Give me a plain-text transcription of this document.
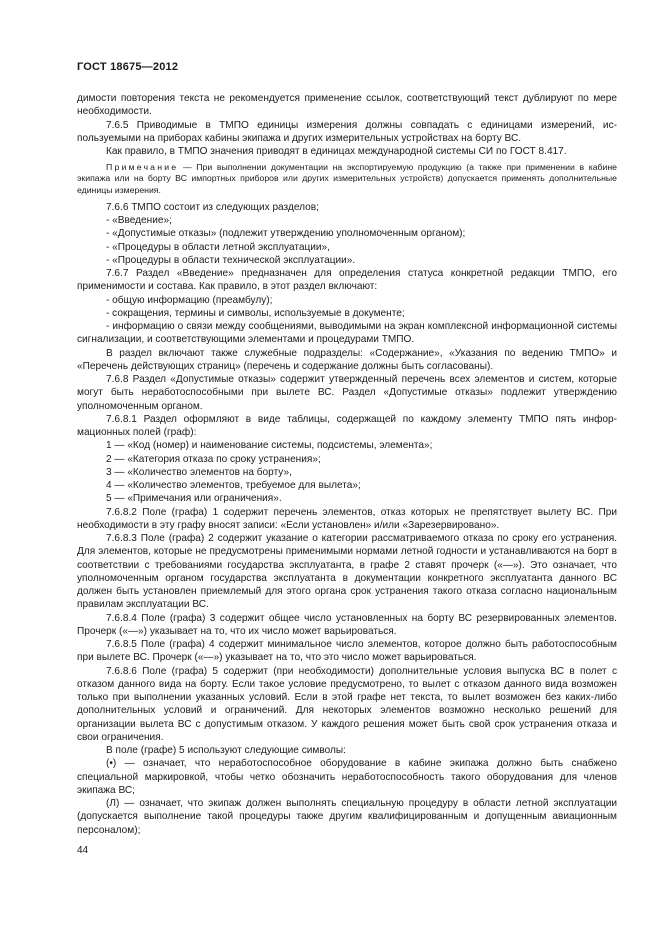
ГОСТ 18675—2012

димости повторения текста не рекомендуется применение ссылок, соответствующий текст дублируют по мере необходимости.

7.6.5 Приводимые в ТМПО единицы измерения должны совпадать с единицами измерений, используемыми на приборах кабины экипажа и других измерительных устройствах на борту ВС.

Как правило, в ТМПО значения приводят в единицах международной системы СИ по ГОСТ 8.417.

Примечание — При выполнении документации на экспортируемую продукцию (а также при применении в кабине экипажа или на борту ВС импортных приборов или других измерительных устройств) допускается применять дополнительные единицы измерения.

7.6.6 ТМПО состоит из следующих разделов;

- «Введение»;

- «Допустимые отказы» (подлежит утверждению уполномоченным органом);

- «Процедуры в области летной эксплуатации»,

- «Процедуры в области технической эксплуатации».

7.6.7 Раздел «Введение» предназначен для определения статуса конкретной редакции ТМПО, его применимости и состава. Как правило, в этот раздел включают:

- общую информацию (преамбулу);

- сокращения, термины и символы, используемые в документе;

- информацию о связи между сообщениями, выводимыми на экран комплексной информационной системы сигнализации, и соответствующими элементами и процедурами ТМПО.

В раздел включают также служебные подразделы: «Содержание», «Указания по ведению ТМПО» и «Перечень действующих страниц» (перечень и содержание должны быть согласованы).

7.6.8 Раздел «Допустимые отказы» содержит утвержденный перечень всех элементов и систем, которые могут быть неработоспособными при вылете ВС. Раздел «Допустимые отказы» подлежит утверждению уполномоченным органом.

7.6.8.1 Раздел оформляют в виде таблицы, содержащей по каждому элементу ТМПО пять информационных полей (граф):

1 — «Код (номер) и наименование системы, подсистемы, элемента»;

2 — «Категория отказа по сроку устранения»;

3 — «Количество элементов на борту»,

4 — «Количество элементов, требуемое для вылета»;

5 — «Примечания или ограничения».

7.6.8.2 Поле (графа) 1 содержит перечень элементов, отказ которых не препятствует вылету ВС. При необходимости в эту графу вносят записи: «Если установлен» и/или «Зарезервировано».

7.6.8.3 Поле (графа) 2 содержит указание о категории рассматриваемого отказа по сроку его устранения. Для элементов, которые не предусмотрены применимыми нормами летной годности и устанавливаются на борт в соответствии с требованиями государства эксплуатанта, в графе 2 ставят прочерк («—»). Это означает, что уполномоченным органом государства эксплуатанта в документации конкретного эксплуатанта данного ВС должен быть установлен приемлемый для этого органа срок устранения такого отказа согласно национальным правилам эксплуатации ВС.

7.6.8.4 Поле (графа) 3 содержит общее число установленных на борту ВС резервированных элементов. Прочерк («—») указывает на то, что их число может варьироваться.

7.6.8.5 Поле (графа) 4 содержит минимальное число элементов, которое должно быть работоспособным при вылете ВС. Прочерк («—») указывает на то, что это число может варьироваться.

7.6.8.6 Поле (графа) 5 содержит (при необходимости) дополнительные условия выпуска ВС в полет с отказом данного вида на борту. Если такое условие предусмотрено, то вылет с отказом данного вида возможен только при выполнении указанных условий. Если в этой графе нет текста, то вылет возможен без каких-либо дополнительных условий и ограничений. Для некоторых элементов возможно несколько решений для организации вылета ВС с допустимым отказом. У каждого решения может быть свой срок устранения отказа и свои ограничения.

В поле (графе) 5 используют следующие символы:

(•) — означает, что неработоспособное оборудование в кабине экипажа должно быть снабжено специальной маркировкой, чтобы четко обозначить неработоспособность такого оборудования для членов экипажа ВС;

(Л) — означает, что экипаж должен выполнять специальную процедуру в области летной эксплуатации (допускается выполнение такой процедуры также другим квалифицированным и допущенным авиационным персоналом);

44
